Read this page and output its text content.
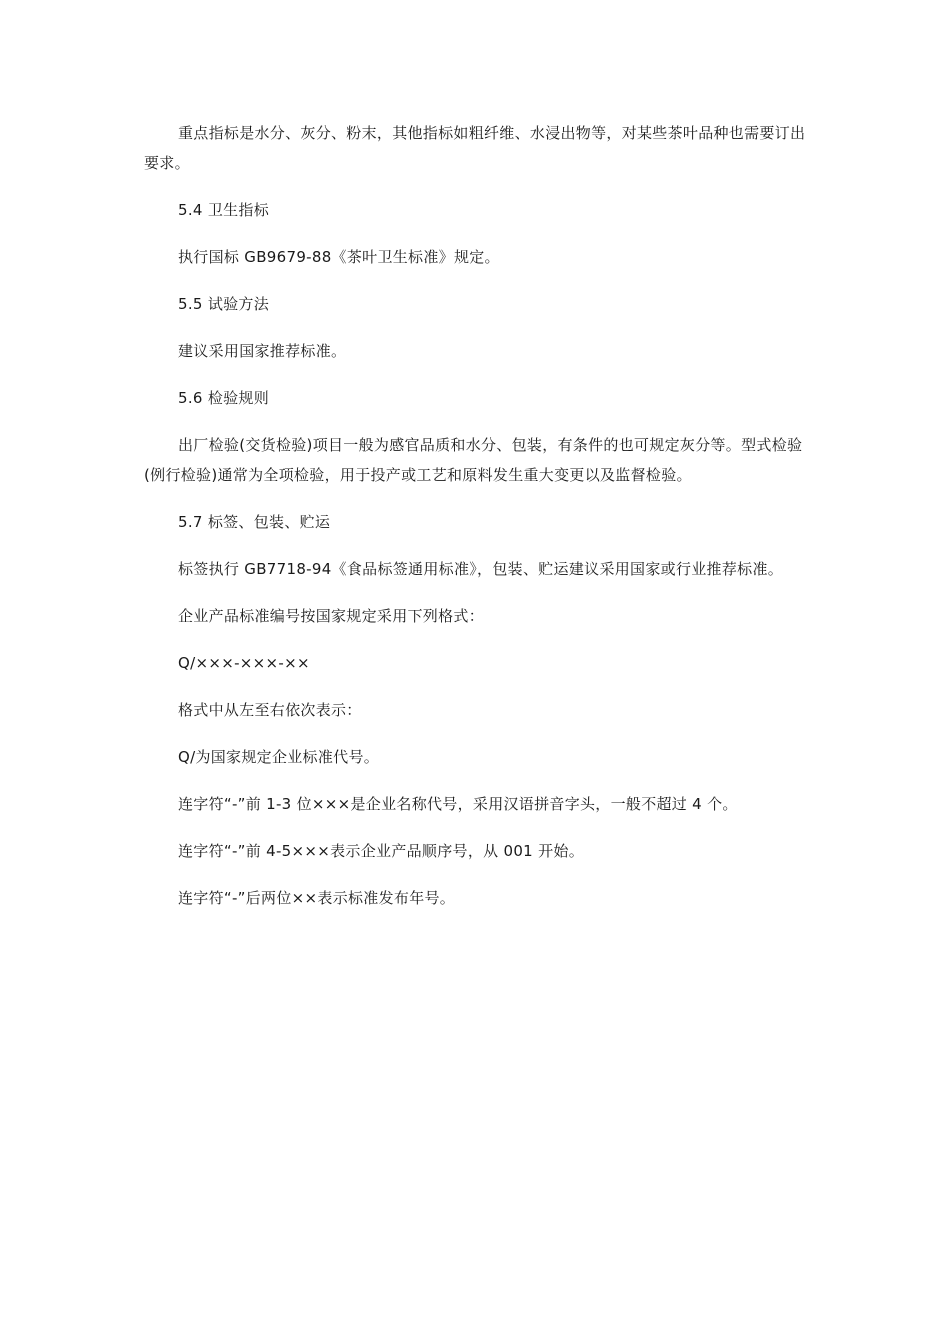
重点指标是水分、灰分、粉末，其他指标如粗纤维、水浸出物等，对某些茶叶品种也需要订出要求。

5.4 卫生指标

执行国标 GB9679-88《茶叶卫生标准》规定。

5.5 试验方法

建议采用国家推荐标准。

5.6 检验规则

出厂检验(交货检验)项目一般为感官品质和水分、包装，有条件的也可规定灰分等。型式检验(例行检验)通常为全项检验，用于投产或工艺和原料发生重大变更以及监督检验。

5.7 标签、包装、贮运

标签执行 GB7718-94《食品标签通用标准》，包装、贮运建议采用国家或行业推荐标准。

企业产品标准编号按国家规定采用下列格式：

Q/×××-×××-××

格式中从左至右依次表示：

Q/为国家规定企业标准代号。

连字符“-”前 1-3 位×××是企业名称代号，采用汉语拼音字头，一般不超过 4 个。

连字符“-”前 4-5×××表示企业产品顺序号，从 001 开始。

连字符“-”后两位××表示标准发布年号。
